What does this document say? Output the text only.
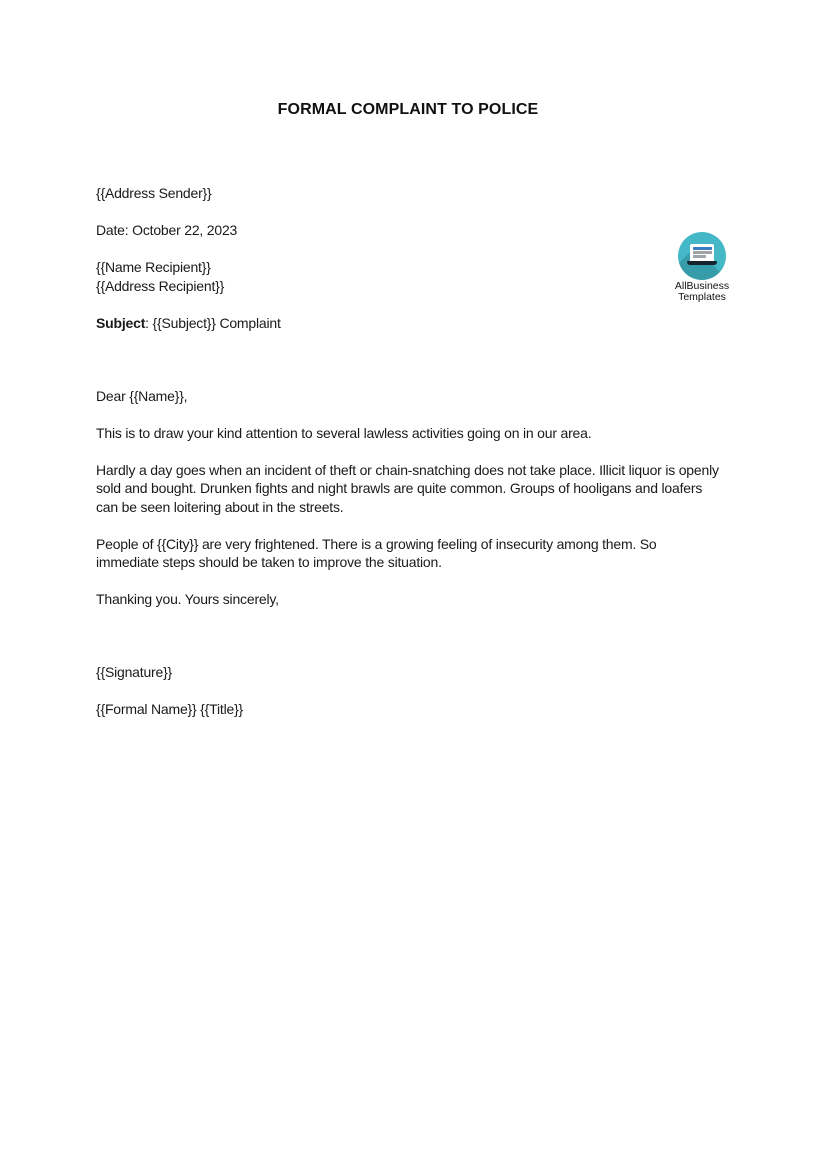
FORMAL COMPLAINT TO POLICE
AllBusiness
Templates

{{Address Sender}}

Date: October 22, 2023

{{Name Recipient}}
{{Address Recipient}}

Subject: {{Subject}} Complaint

Dear {{Name}},

This is to draw your kind attention to several lawless activities going on in our area.

Hardly a day goes when an incident of theft or chain-snatching does not take place. Illicit liquor is openly sold and bought. Drunken fights and night brawls are quite common. Groups of hooligans and loafers can be seen loitering about in the streets.

People of {{City}} are very frightened. There is a growing feeling of insecurity among them. So immediate steps should be taken to improve the situation.

Thanking you. Yours sincerely,

{{Signature}}

{{Formal Name}} {{Title}}
